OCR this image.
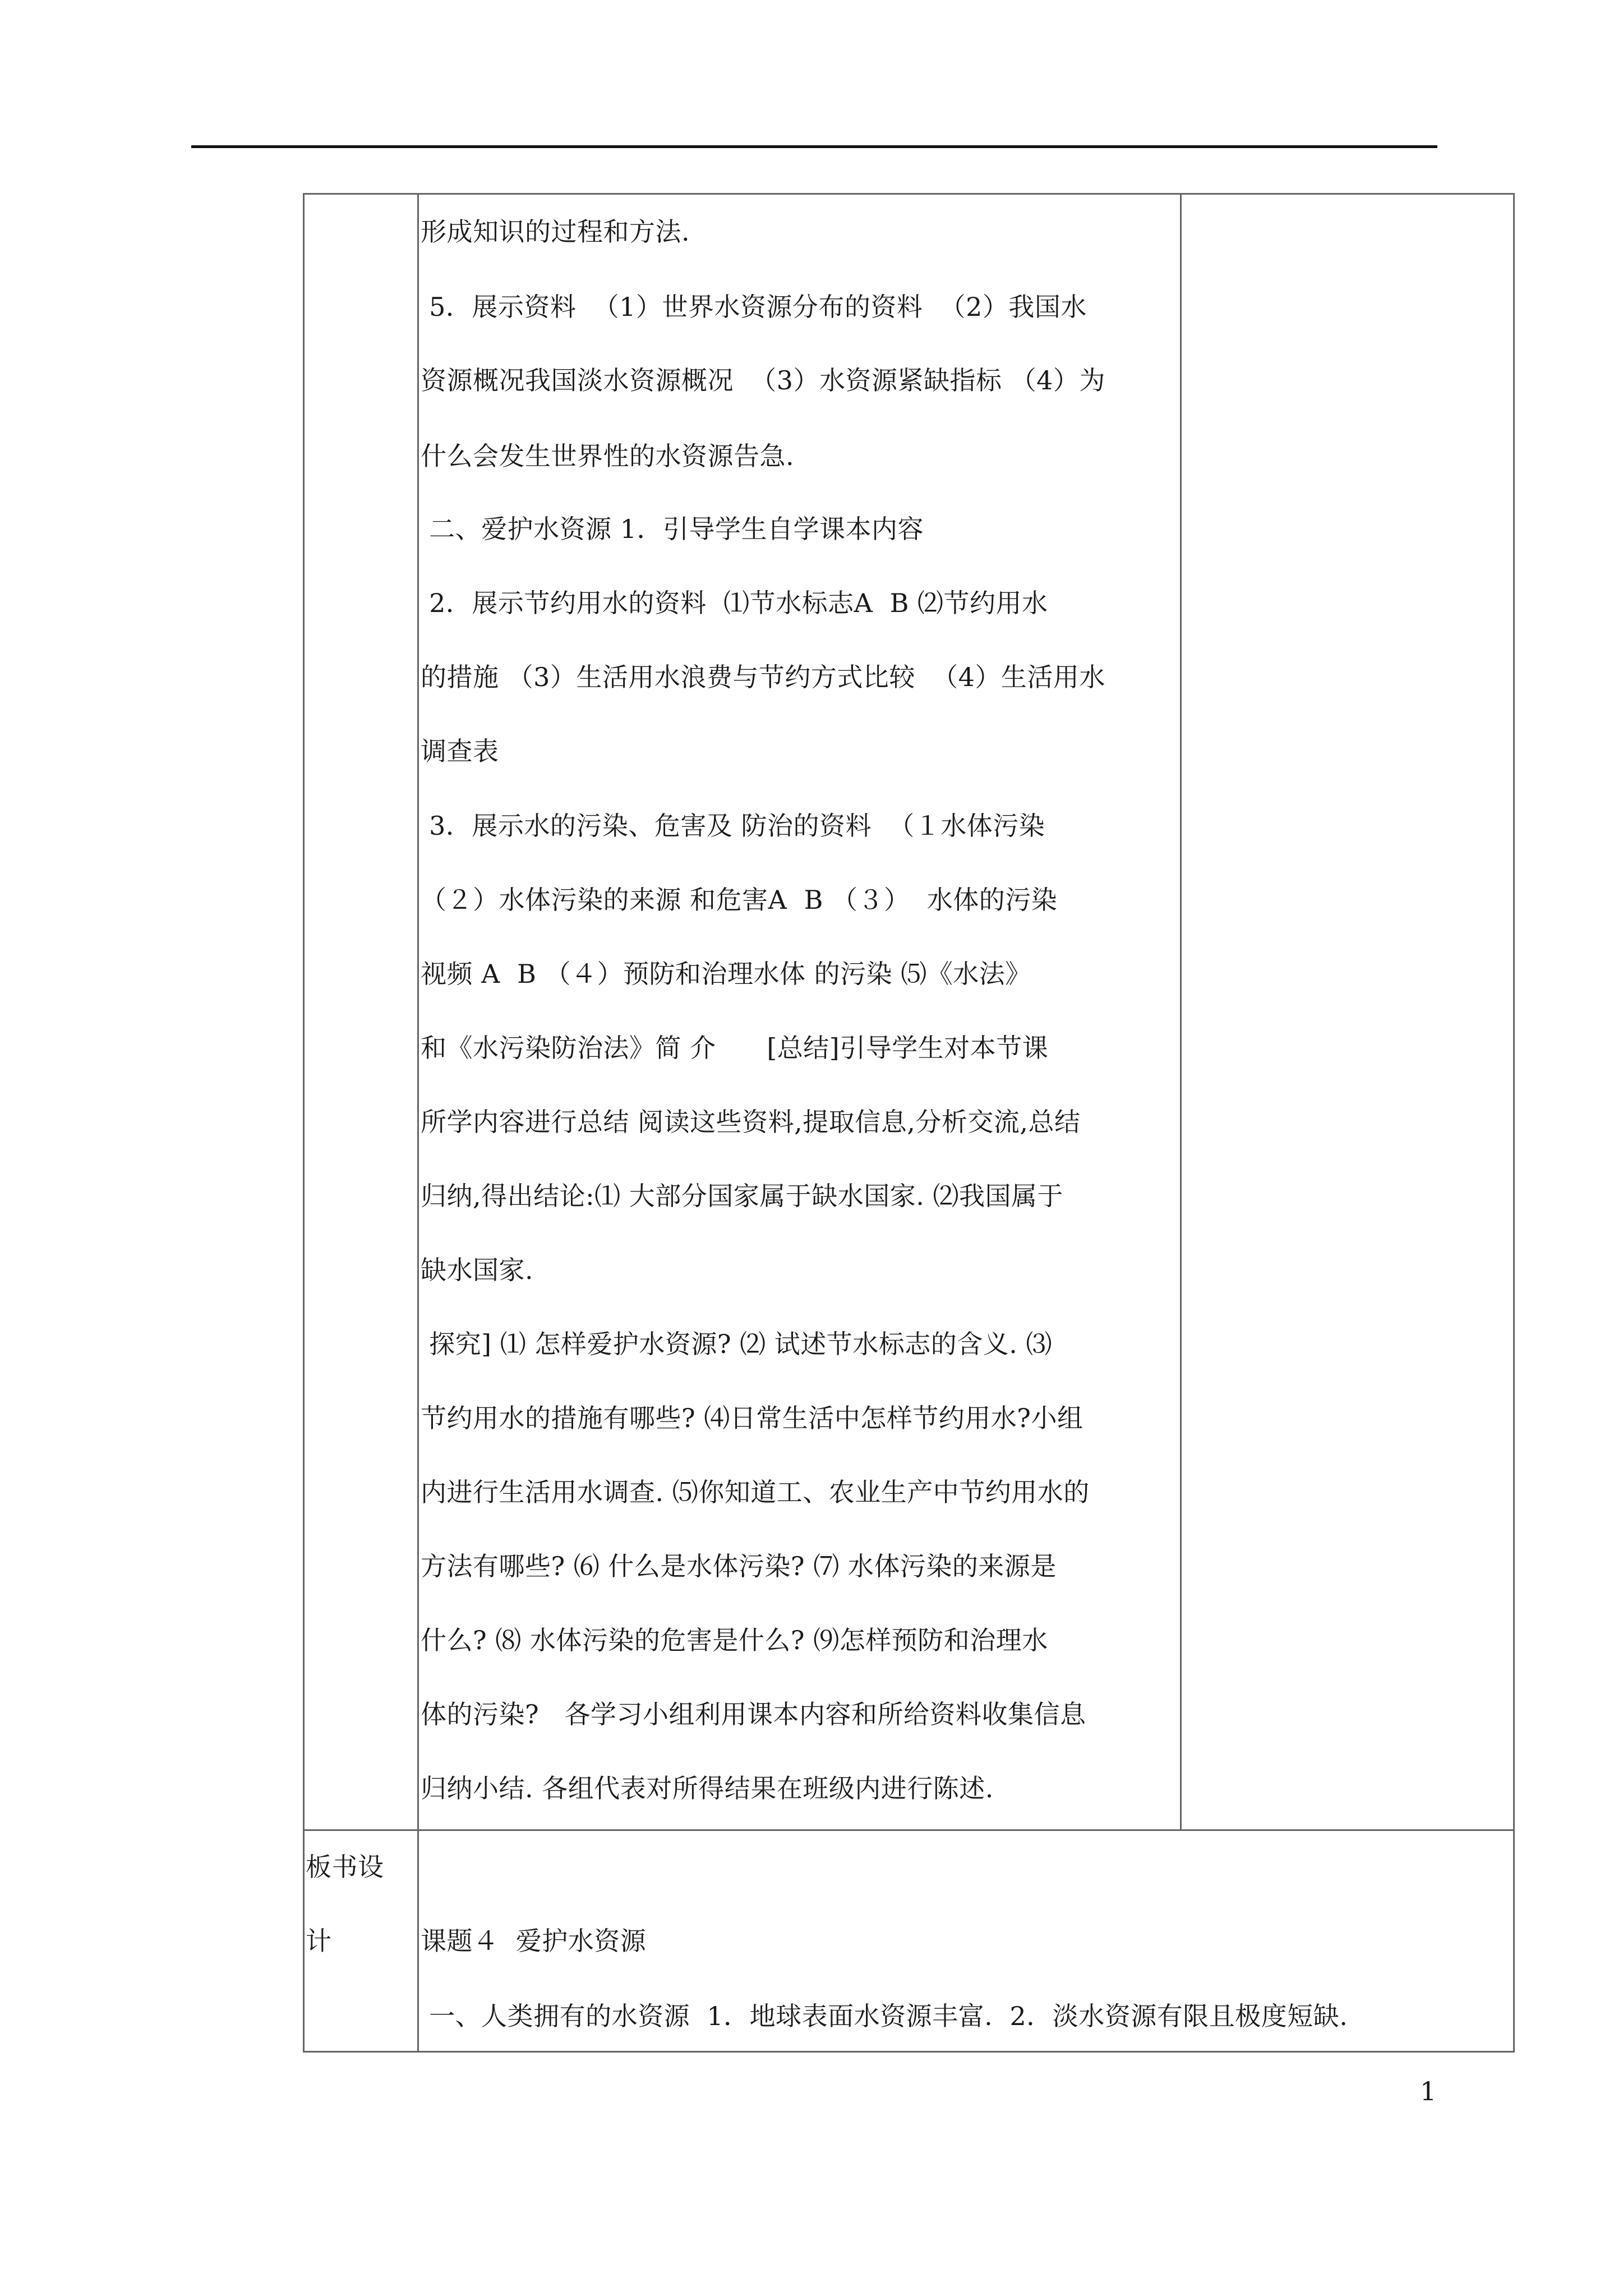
形成知识的过程和方法.
5．展示资料  （1）世界水资源分布的资料  （2）我国水
资源概况我国淡水资源概况  （3）水资源紧缺指标 （4）为
什么会发生世界性的水资源告急.
二、爱护水资源 1．引导学生自学课本内容
2．展示节约用水的资料  ⑴节水标志A  B ⑵节约用水
的措施 （3）生活用水浪费与节约方式比较  （4）生活用水
调查表
3．展示水的污染、危害及 防治的资料  （１水体污染
（２）水体污染的来源 和危害A  B （３）  水体的污染
视频 A  B （４）预防和治理水体 的污染 ⑸《水法》
和《水污染防治法》简 介      [总结]引导学生对本节课
所学内容进行总结 阅读这些资料,提取信息,分析交流,总结
归纳,得出结论:⑴ 大部分国家属于缺水国家. ⑵我国属于
缺水国家.
探究] ⑴ 怎样爱护水资源? ⑵ 试述节水标志的含义. ⑶
节约用水的措施有哪些? ⑷日常生活中怎样节约用水?小组
内进行生活用水调查. ⑸你知道工、农业生产中节约用水的
方法有哪些? ⑹ 什么是水体污染? ⑺ 水体污染的来源是
什么? ⑻ 水体污染的危害是什么? ⑼怎样预防和治理水
体的污染?   各学习小组利用课本内容和所给资料收集信息
归纳小结. 各组代表对所得结果在班级内进行陈述.
板书设
计	课题４  爱护水资源
一、人类拥有的水资源  1．地球表面水资源丰富.  2．淡水资源有限且极度短缺.
1
